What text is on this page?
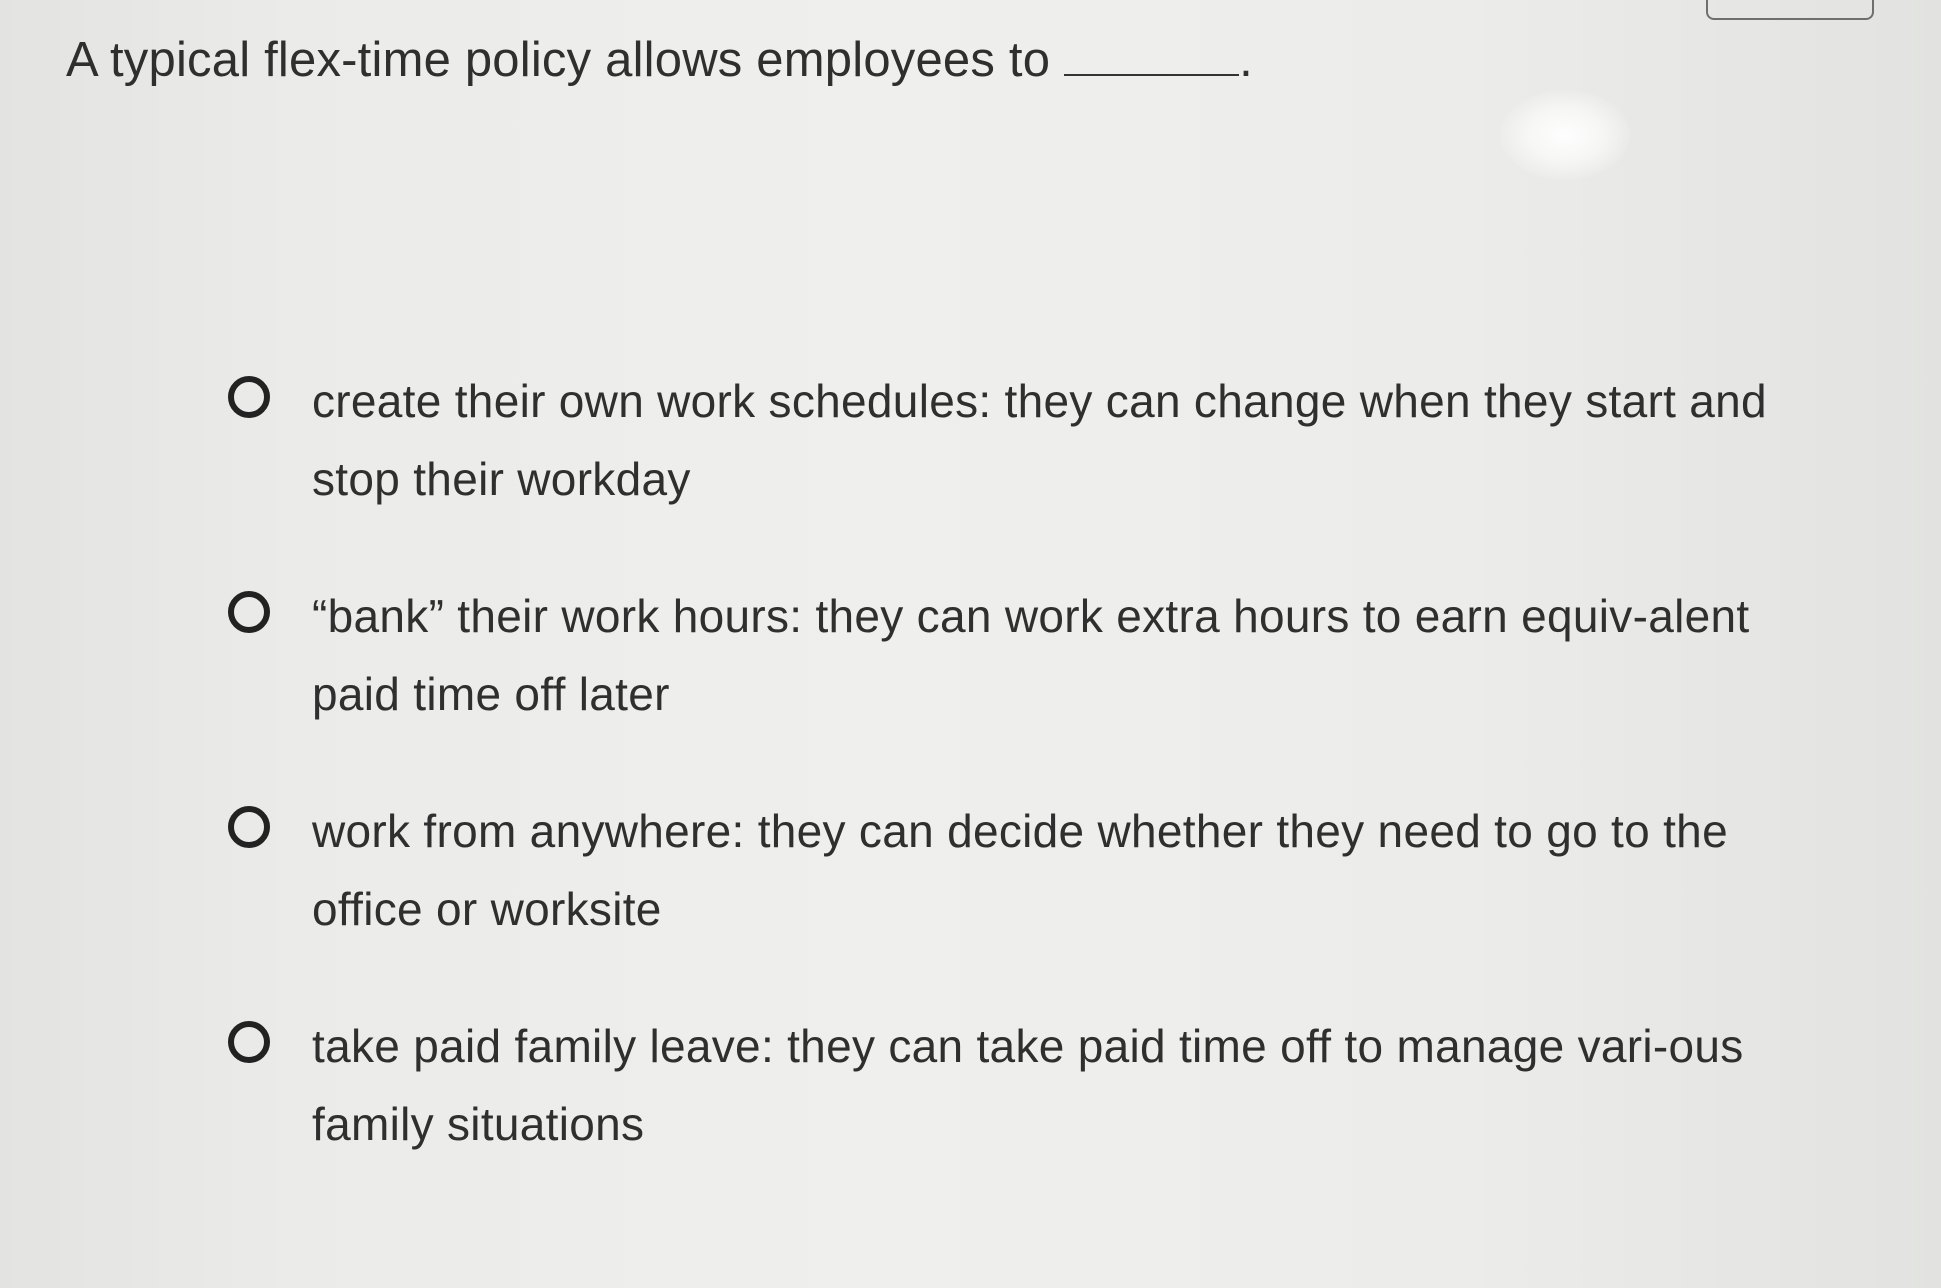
A typical flex-time policy allows employees to	.
create their own work schedules: they can change when they start and stop their workday
“bank” their work hours: they can work extra hours to earn equiv-alent paid time off later
work from anywhere: they can decide whether they need to go to the office or worksite
take paid family leave: they can take paid time off to manage vari-ous family situations
